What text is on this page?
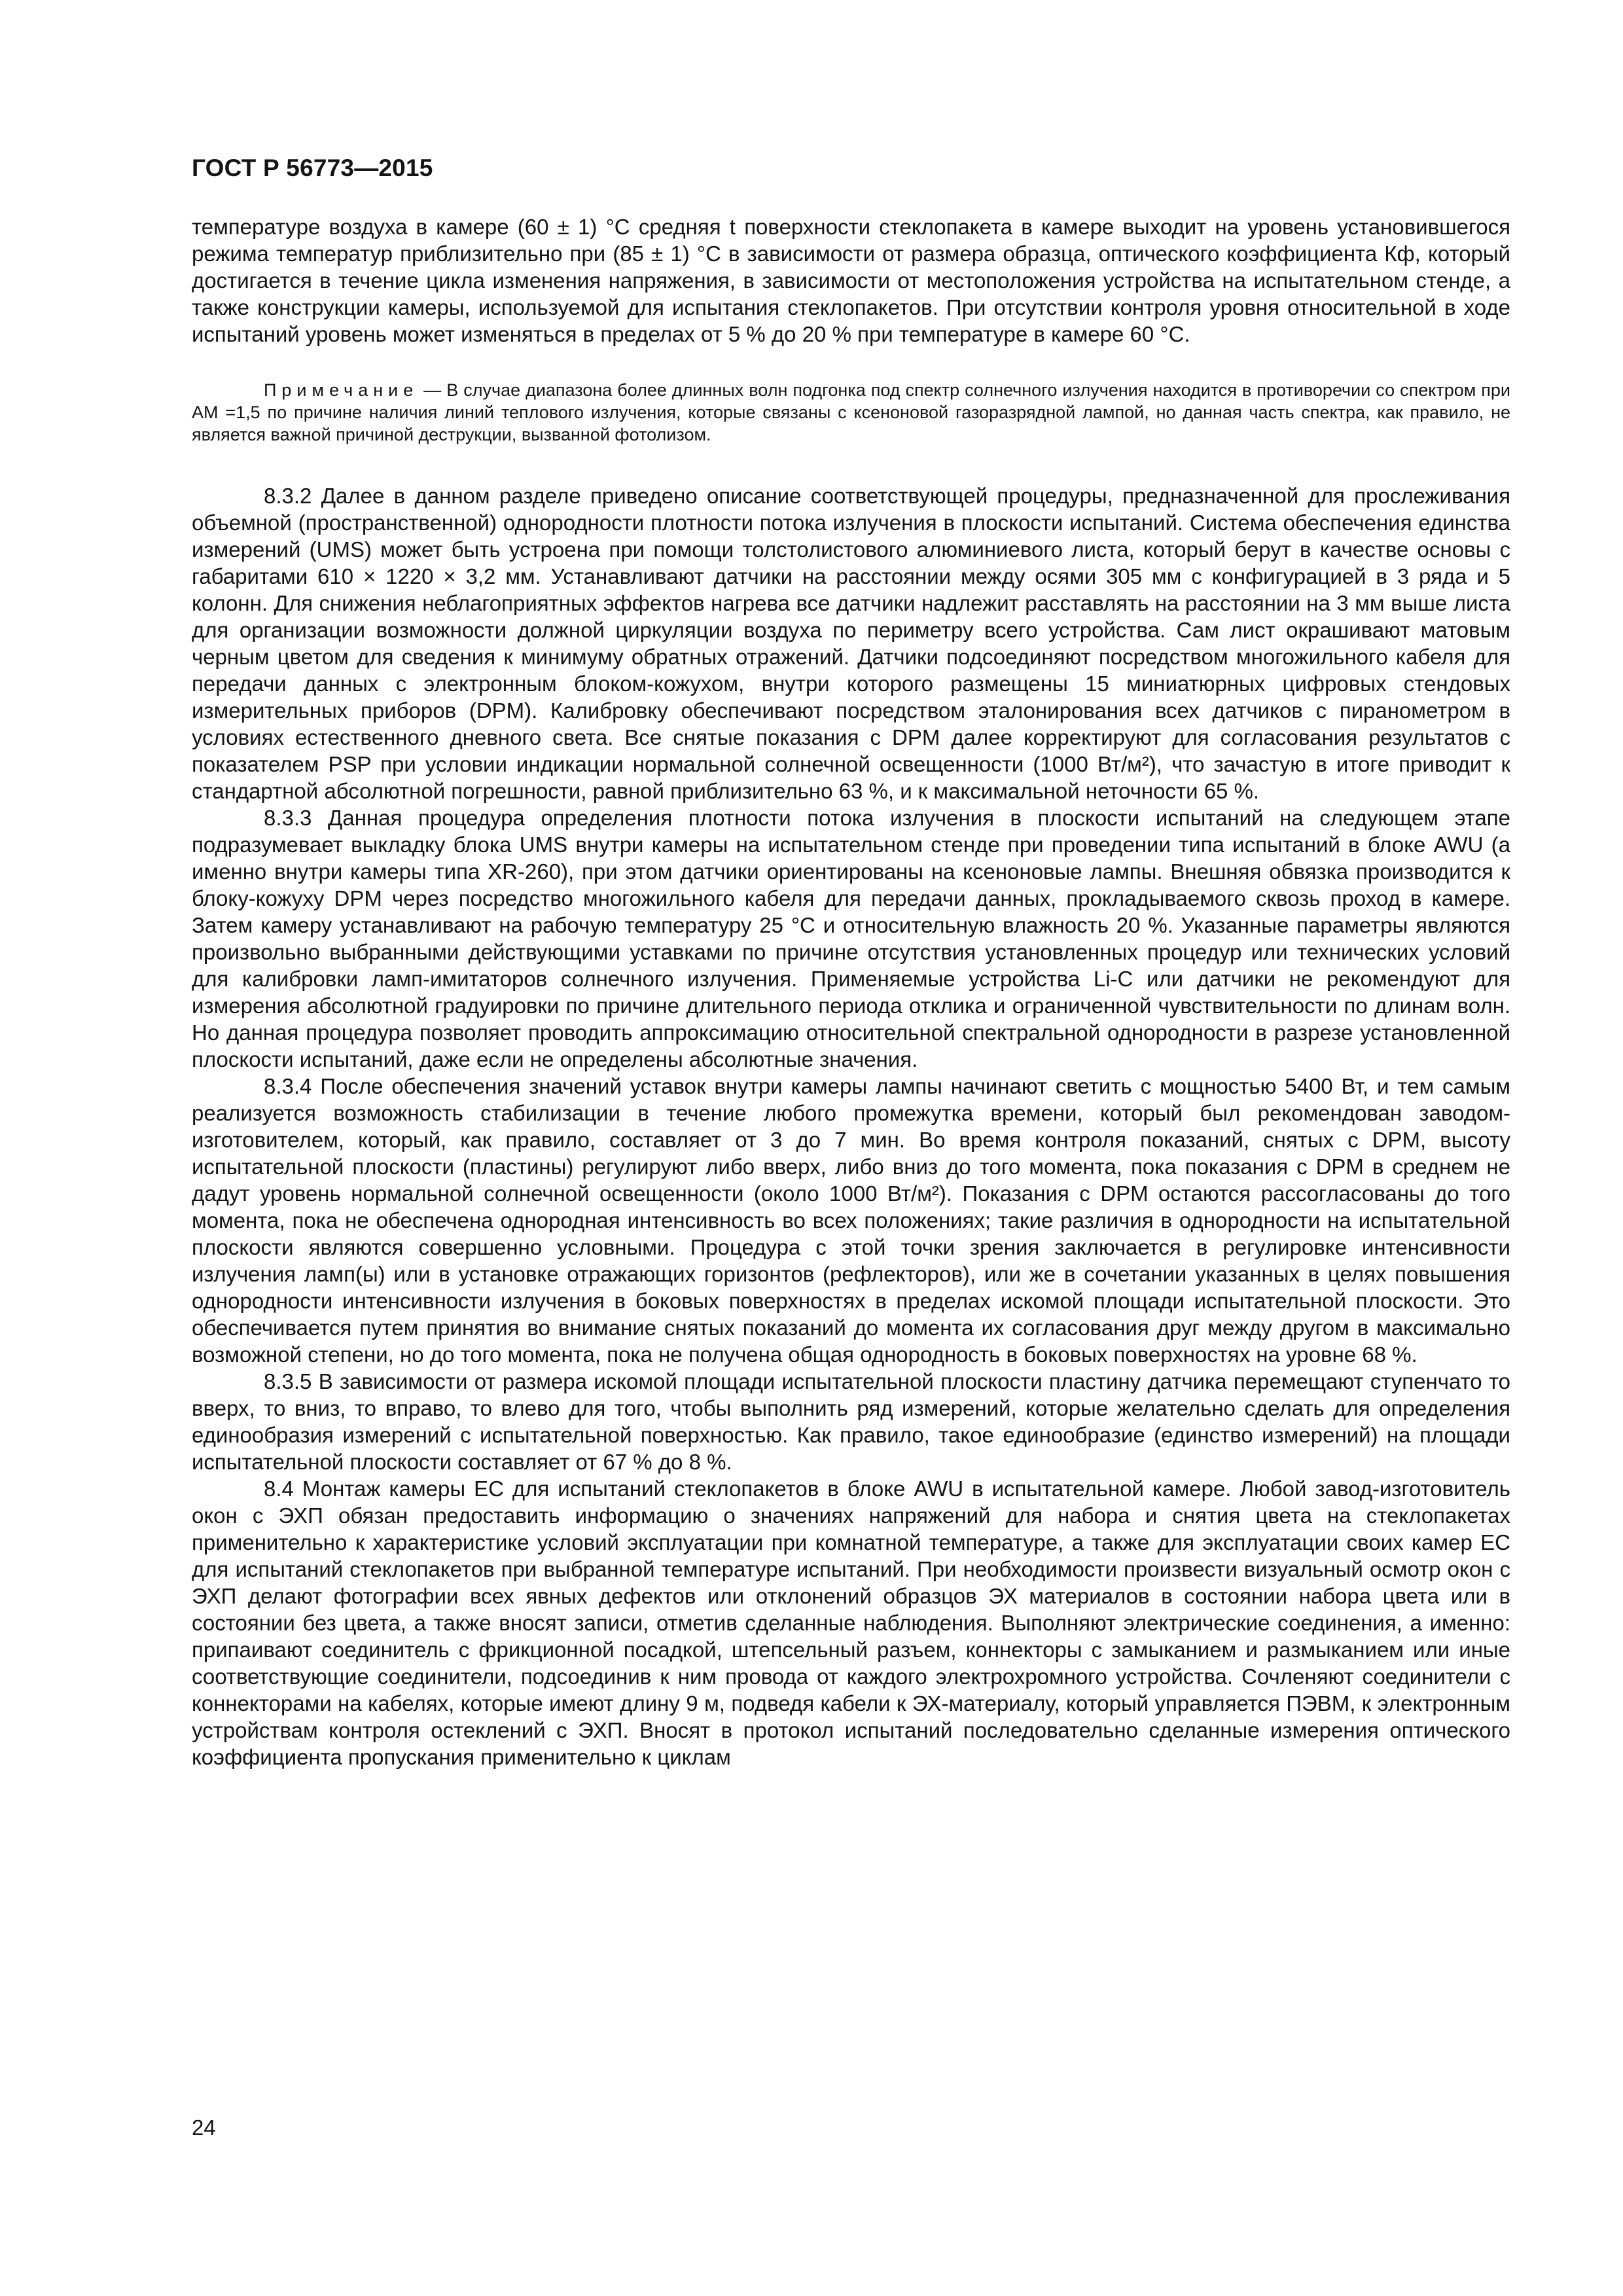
ГОСТ Р 56773—2015

температуре воздуха в камере (60 ± 1) °С средняя t поверхности стеклопакета в камере выходит на уровень установившегося режима температур приблизительно при (85 ± 1) °С в зависимости от размера образца, оптического коэффициента Кф, который достигается в течение цикла изменения напряжения, в зависимости от местоположения устройства на испытательном стенде, а также конструкции камеры, используемой для испытания стеклопакетов. При отсутствии контроля уровня относительной в ходе испытаний уровень может изменяться в пределах от 5 % до 20 % при температуре в камере 60 °С.

Примечание — В случае диапазона более длинных волн подгонка под спектр солнечного излучения находится в противоречии со спектром при АМ =1,5 по причине наличия линий теплового излучения, которые связаны с ксеноновой газоразрядной лампой, но данная часть спектра, как правило, не является важной причиной деструкции, вызванной фотолизом.

8.3.2 Далее в данном разделе приведено описание соответствующей процедуры, предназначенной для прослеживания объемной (пространственной) однородности плотности потока излучения в плоскости испытаний. Система обеспечения единства измерений (UMS) может быть устроена при помощи толстолистового алюминиевого листа, который берут в качестве основы с габаритами 610 × 1220 × 3,2 мм. Устанавливают датчики на расстоянии между осями 305 мм с конфигурацией в 3 ряда и 5 колонн. Для снижения неблагоприятных эффектов нагрева все датчики надлежит расставлять на расстоянии на 3 мм выше листа для организации возможности должной циркуляции воздуха по периметру всего устройства. Сам лист окрашивают матовым черным цветом для сведения к минимуму обратных отражений. Датчики подсоединяют посредством многожильного кабеля для передачи данных с электронным блоком-кожухом, внутри которого размещены 15 миниатюрных цифровых стендовых измерительных приборов (DPM). Калибровку обеспечивают посредством эталонирования всех датчиков с пиранометром в условиях естественного дневного света. Все снятые показания с DPM далее корректируют для согласования результатов с показателем PSP при условии индикации нормальной солнечной освещенности (1000 Вт/м²), что зачастую в итоге приводит к стандартной абсолютной погрешности, равной приблизительно 63 %, и к максимальной неточности 65 %.

8.3.3 Данная процедура определения плотности потока излучения в плоскости испытаний на следующем этапе подразумевает выкладку блока UMS внутри камеры на испытательном стенде при проведении типа испытаний в блоке AWU (а именно внутри камеры типа XR-260), при этом датчики ориентированы на ксеноновые лампы. Внешняя обвязка производится к блоку-кожуху DPM через посредство многожильного кабеля для передачи данных, прокладываемого сквозь проход в камере. Затем камеру устанавливают на рабочую температуру 25 °С и относительную влажность 20 %. Указанные параметры являются произвольно выбранными действующими уставками по причине отсутствия установленных процедур или технических условий для калибровки ламп-имитаторов солнечного излучения. Применяемые устройства Li-C или датчики не рекомендуют для измерения абсолютной градуировки по причине длительного периода отклика и ограниченной чувствительности по длинам волн. Но данная процедура позволяет проводить аппроксимацию относительной спектральной однородности в разрезе установленной плоскости испытаний, даже если не определены абсолютные значения.

8.3.4 После обеспечения значений уставок внутри камеры лампы начинают светить с мощностью 5400 Вт, и тем самым реализуется возможность стабилизации в течение любого промежутка времени, который был рекомендован заводом-изготовителем, который, как правило, составляет от 3 до 7 мин. Во время контроля показаний, снятых с DPM, высоту испытательной плоскости (пластины) регулируют либо вверх, либо вниз до того момента, пока показания с DPM в среднем не дадут уровень нормальной солнечной освещенности (около 1000 Вт/м²). Показания с DPM остаются рассогласованы до того момента, пока не обеспечена однородная интенсивность во всех положениях; такие различия в однородности на испытательной плоскости являются совершенно условными. Процедура с этой точки зрения заключается в регулировке интенсивности излучения ламп(ы) или в установке отражающих горизонтов (рефлекторов), или же в сочетании указанных в целях повышения однородности интенсивности излучения в боковых поверхностях в пределах искомой площади испытательной плоскости. Это обеспечивается путем принятия во внимание снятых показаний до момента их согласования друг между другом в максимально возможной степени, но до того момента, пока не получена общая однородность в боковых поверхностях на уровне 68 %.

8.3.5 В зависимости от размера искомой площади испытательной плоскости пластину датчика перемещают ступенчато то вверх, то вниз, то вправо, то влево для того, чтобы выполнить ряд измерений, которые желательно сделать для определения единообразия измерений с испытательной поверхностью. Как правило, такое единообразие (единство измерений) на площади испытательной плоскости составляет от 67 % до 8 %.

8.4 Монтаж камеры ЕС для испытаний стеклопакетов в блоке AWU в испытательной камере. Любой завод-изготовитель окон с ЭХП обязан предоставить информацию о значениях напряжений для набора и снятия цвета на стеклопакетах применительно к характеристике условий эксплуатации при комнатной температуре, а также для эксплуатации своих камер ЕС для испытаний стеклопакетов при выбранной температуре испытаний. При необходимости произвести визуальный осмотр окон с ЭХП делают фотографии всех явных дефектов или отклонений образцов ЭХ материалов в состоянии набора цвета или в состоянии без цвета, а также вносят записи, отметив сделанные наблюдения. Выполняют электрические соединения, а именно: припаивают соединитель с фрикционной посадкой, штепсельный разъем, коннекторы с замыканием и размыканием или иные соответствующие соединители, подсоединив к ним провода от каждого электрохромного устройства. Сочленяют соединители с коннекторами на кабелях, которые имеют длину 9 м, подведя кабели к ЭХ-материалу, который управляется ПЭВМ, к электронным устройствам контроля остеклений с ЭХП. Вносят в протокол испытаний последовательно сделанные измерения оптического коэффициента пропускания применительно к циклам

24
